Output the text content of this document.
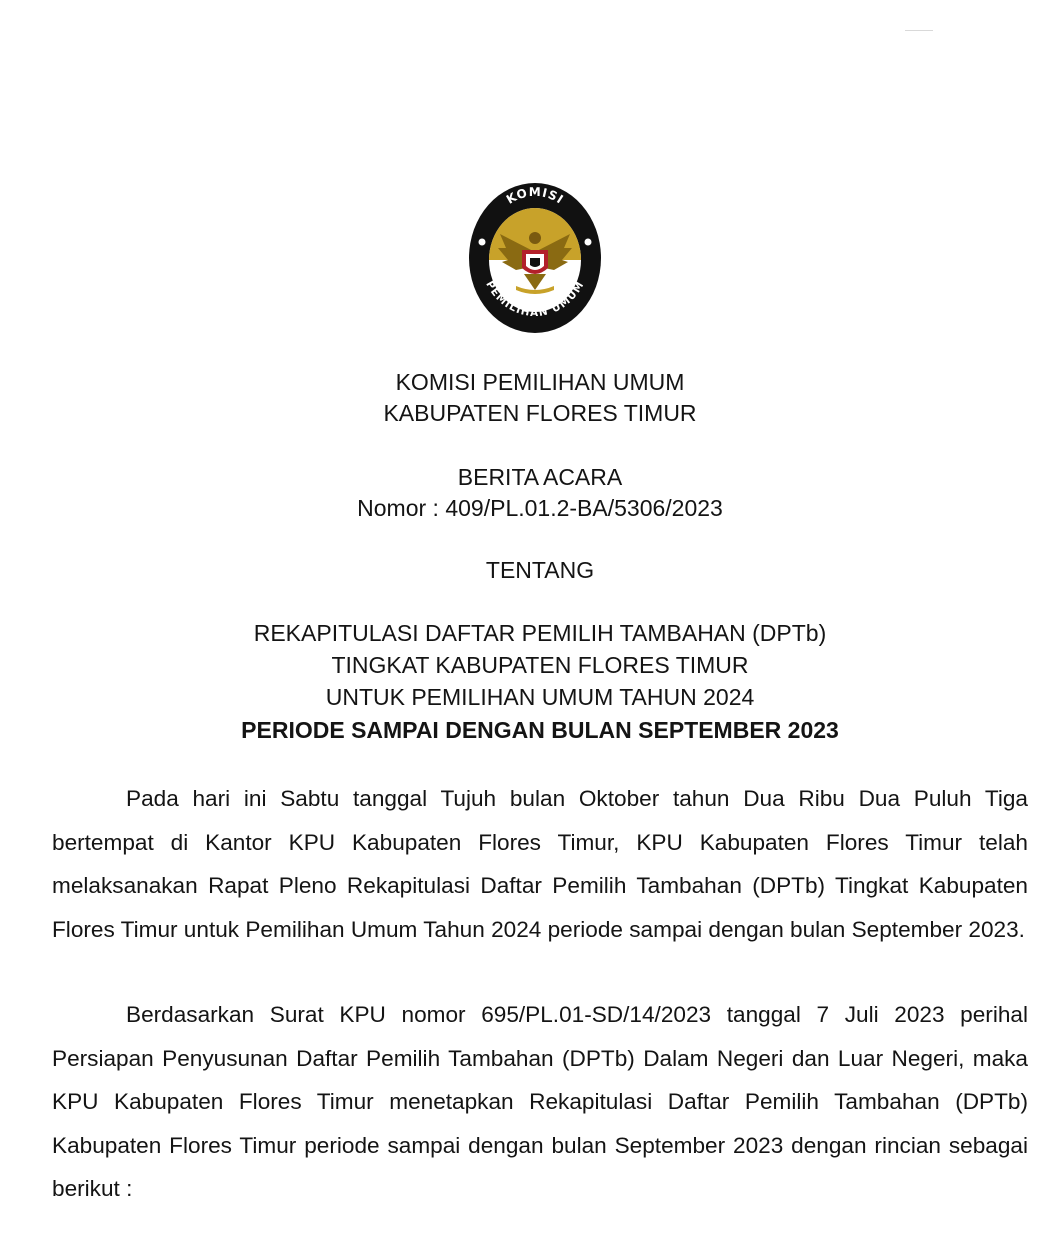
KOMISI
PEMILIHAN UMUM
KOMISI PEMILIHAN UMUM
KABUPATEN FLORES TIMUR
BERITA ACARA
Nomor : 409/PL.01.2-BA/5306/2023
TENTANG
REKAPITULASI DAFTAR PEMILIH TAMBAHAN (DPTb)
TINGKAT KABUPATEN FLORES TIMUR
UNTUK PEMILIHAN UMUM TAHUN 2024
PERIODE SAMPAI DENGAN BULAN SEPTEMBER 2023
Pada hari ini Sabtu tanggal Tujuh bulan Oktober tahun Dua Ribu Dua Puluh Tiga bertempat di Kantor KPU Kabupaten Flores Timur, KPU Kabupaten Flores Timur telah melaksanakan Rapat Pleno Rekapitulasi Daftar Pemilih Tambahan (DPTb) Tingkat Kabupaten Flores Timur untuk Pemilihan Umum Tahun 2024 periode sampai dengan bulan September 2023.
Berdasarkan Surat KPU nomor 695/PL.01-SD/14/2023 tanggal 7 Juli 2023 perihal Persiapan Penyusunan Daftar Pemilih Tambahan (DPTb) Dalam Negeri dan Luar Negeri, maka KPU Kabupaten Flores Timur menetapkan Rekapitulasi Daftar Pemilih Tambahan (DPTb) Kabupaten Flores Timur periode sampai dengan bulan September 2023 dengan rincian sebagai berikut :
